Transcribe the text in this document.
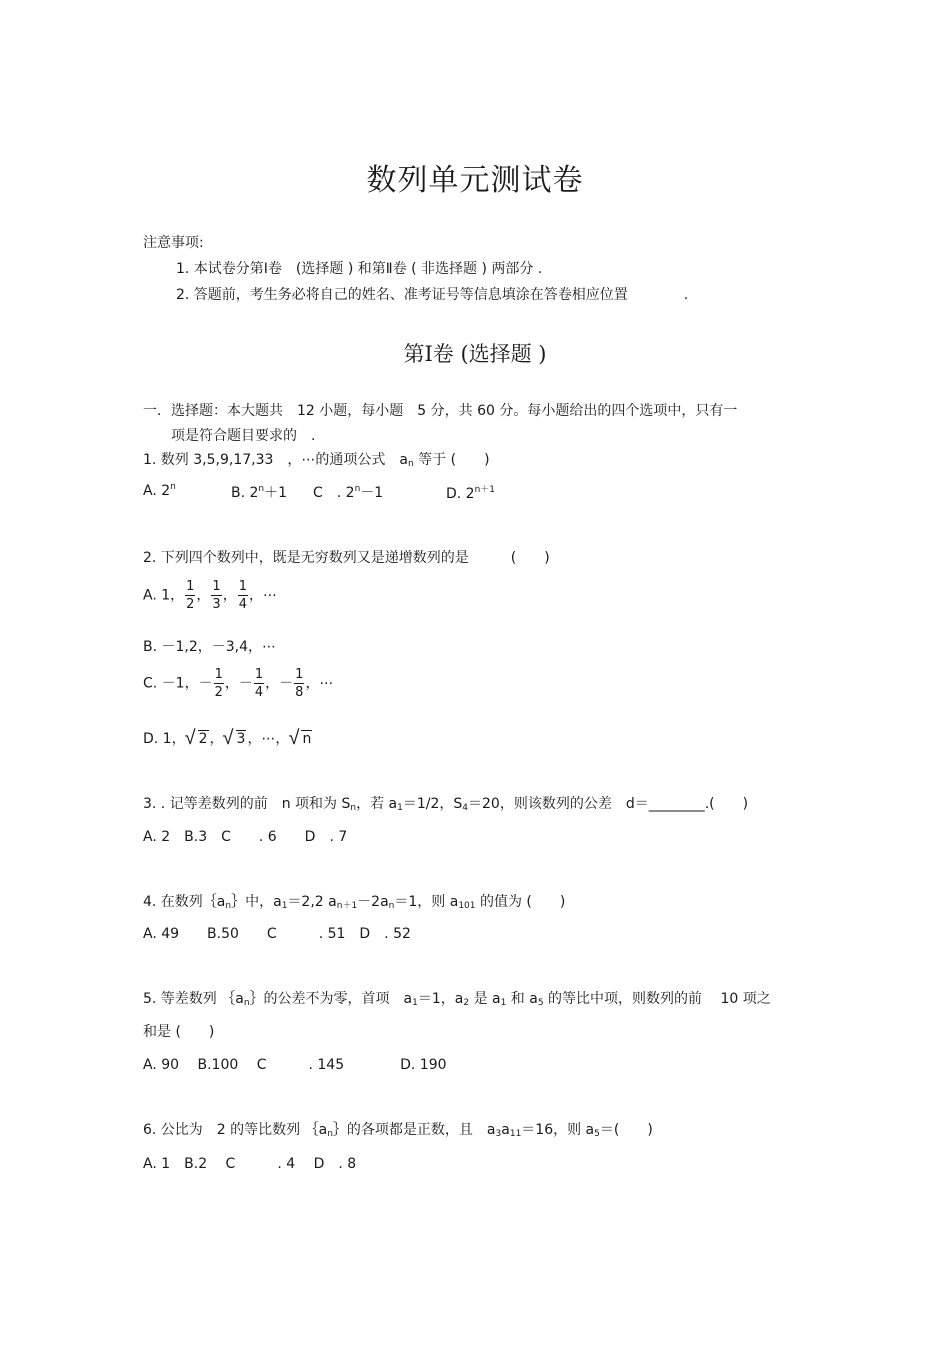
数列单元测试卷
注意事项:
1. 本试卷分第Ⅰ卷　(选择题 ) 和第Ⅱ卷 ( 非选择题 ) 两部分 .
2. 答题前，考生务必将自己的姓名、准考证号等信息填涂在答卷相应位置　　　　.
第Ⅰ卷 (选择题 )
一．选择题：本大题共　12 小题，每小题　5 分，共 60 分。每小题给出的四个选项中，只有一
项是符合题目要求的　.
1. 数列 3,5,9,17,33　，⋯的通项公式　$a_n$ 等于 (　　)
A. 2$^n$	B. $2^n+1$ C　. $2^n-1$	D. $2^{n+1}$
2. 下列四个数列中，既是无穷数列又是递增数列的是　　　(　　)
A. 1， $\frac{1}{2}$ ， $\frac{1}{3}$ ， $\frac{1}{4}$ ，⋯
B. －1,2，－3,4，⋯
C. －1，－ $\frac{1}{2}$ ，－ $\frac{1}{4}$ ，－ $\frac{1}{8}$ ，⋯
D. 1， √ 2 ， √ 3 ，⋯， √ n
3. . 记等差数列的前　n 项和为 $S_n$，若 $a_1=1/2$，$S_4=20$，则该数列的公差　d＝________.(　　)
A. 2　B.3　C　　. 6　　D　. 7
4. 在数列$\{a_n\}$中，$a_1=2,2$ $a_{n+1}-2a_n=1$，则 $a_{101}$ 的值为 (　　)
A. 49　　B.50　　C　　　. 51　D　. 52
5. 等差数列 $\{a_n\}$的公差不为零，首项　$a_1=1$，$a_2$ 是 $a_1$ 和 $a_5$ 的等比中项，则数列的前　 10 项之
和是 (　　)
A. 90　 B.100　 C　　　. 145　　　　D. 190
6. 公比为　2 的等比数列 $\{a_n\}$的各项都是正数，且　$a_3a_{11}=16$，则 $a_5=$(　　)
A. 1　B.2　 C　　　. 4　 D　. 8
